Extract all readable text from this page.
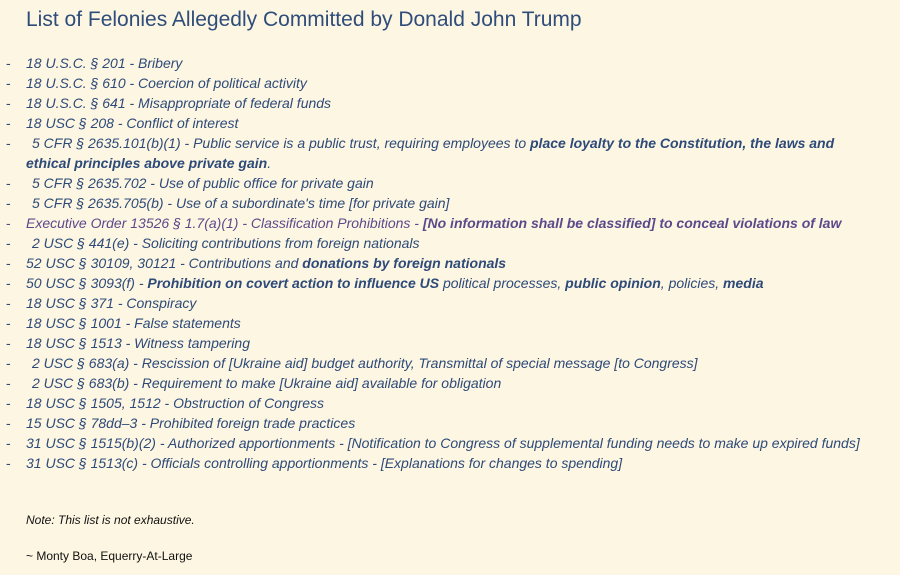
List of Felonies Allegedly Committed by Donald John Trump
- 18 U.S.C. § 201 - Bribery
- 18 U.S.C. § 610 - Coercion of political activity
- 18 U.S.C. § 641 - Misappropriate of federal funds
- 18 USC § 208 - Conflict of interest
- 5 CFR § 2635.101(b)(1) - Public service is a public trust, requiring employees to place loyalty to the Constitution, the laws and ethical principles above private gain.
- 5 CFR § 2635.702 - Use of public office for private gain
- 5 CFR § 2635.705(b) - Use of a subordinate's time [for private gain]
- Executive Order 13526 § 1.7(a)(1) - Classification Prohibitions - [No information shall be classified] to conceal violations of law
- 2 USC § 441(e) - Soliciting contributions from foreign nationals
- 52 USC § 30109, 30121 - Contributions and donations by foreign nationals
- 50 USC § 3093(f) - Prohibition on covert action to influence US political processes, public opinion, policies, media
- 18 USC § 371 - Conspiracy
- 18 USC § 1001 - False statements
- 18 USC § 1513 - Witness tampering
- 2 USC § 683(a) - Rescission of [Ukraine aid] budget authority, Transmittal of special message [to Congress]
- 2 USC § 683(b) - Requirement to make [Ukraine aid] available for obligation
- 18 USC § 1505, 1512 - Obstruction of Congress
- 15 USC § 78dd–3 - Prohibited foreign trade practices
- 31 USC § 1515(b)(2) - Authorized apportionments - [Notification to Congress of supplemental funding needs to make up expired funds]
- 31 USC § 1513(c) - Officials controlling apportionments - [Explanations for changes to spending]
Note: This list is not exhaustive.
~ Monty Boa, Equerry-At-Large
